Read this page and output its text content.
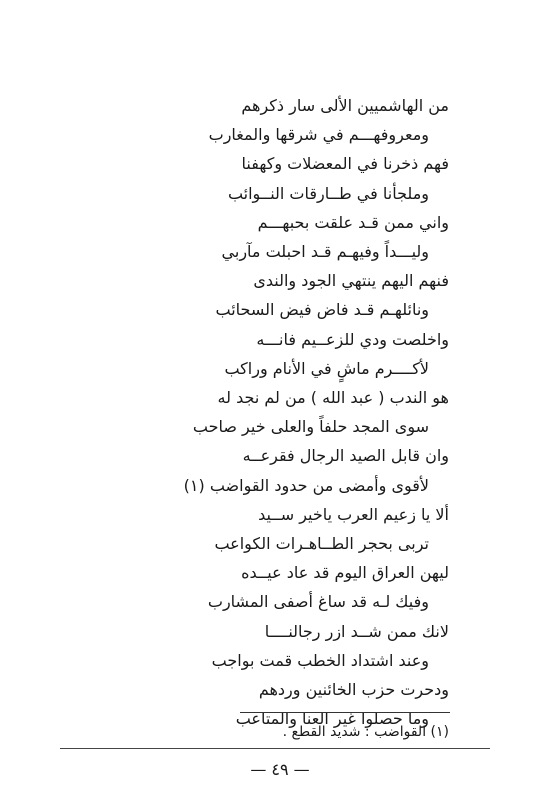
من الهاشميين الألى سار ذكرهم
ومعروفهـــم في شرقها والمغارب
فهم ذخرنا في المعضلات وكهفنا
وملجأنا في طــارقات النــوائب
واني ممن قـد علقت بحبهـــم
وليـــداً وفيهـم قـد احبلت مآربي
فنهم اليهم ينتهي الجود والندى
ونائلهـم قـد فاض فيض السحائب
واخلصت ودي للزعــيم فانـــه
لأكــــرم ماشٍ في الأنام وراكب
هو الندب ( عبد الله ) من لم نجد له
سوى المجد حلفاً والعلى خير صاحب
وان قابل الصيد الرجال فقرعــه
لأقوى وأمضى من حدود القواضب (١)
ألا يا زعيم العرب ياخير ســيد
تربى بحجر الطــاهـرات الكواعب
ليهن العراق اليوم قد عاد عيــده
وفيك لـه قد ساغ أصفى المشارب
لانك ممن شــد ازر رجالنــــا
وعند اشتداد الخطب قمت بواجب
ودحرت حزب الخائنين وردهم
وما حصلوا غير العنا والمتاعب
(١) القواضب : شديد القطع .
— ٤٩ —
